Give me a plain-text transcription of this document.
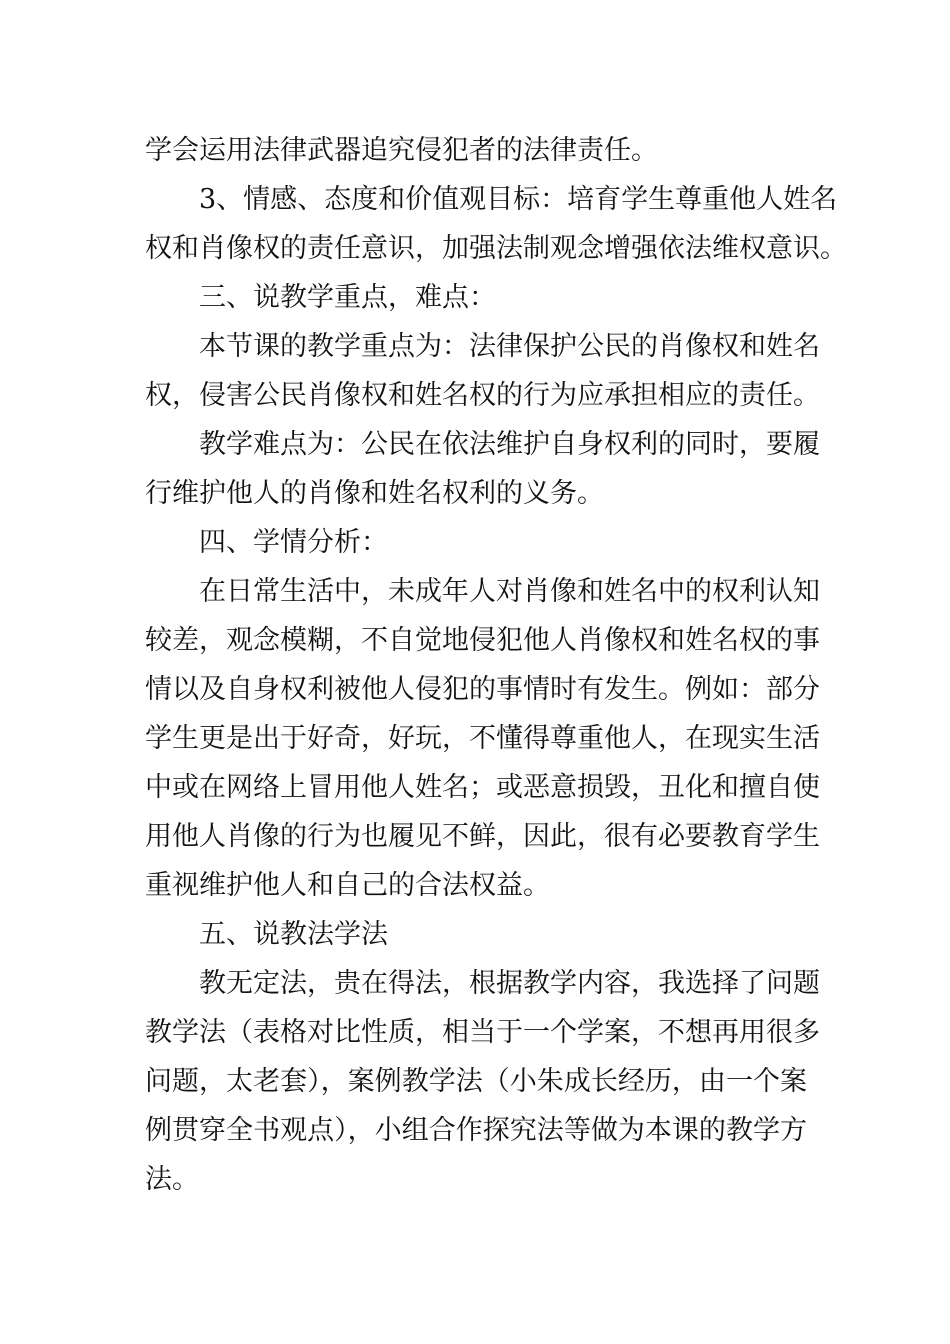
学会运用法律武器追究侵犯者的法律责任。
3、情感、态度和价值观目标：培育学生尊重他人姓名
权和肖像权的责任意识，加强法制观念增强依法维权意识。
三、说教学重点，难点：
本节课的教学重点为：法律保护公民的肖像权和姓名
权，侵害公民肖像权和姓名权的行为应承担相应的责任。
教学难点为：公民在依法维护自身权利的同时，要履
行维护他人的肖像和姓名权利的义务。
四、学情分析：
在日常生活中，未成年人对肖像和姓名中的权利认知
较差，观念模糊，不自觉地侵犯他人肖像权和姓名权的事
情以及自身权利被他人侵犯的事情时有发生。例如：部分
学生更是出于好奇，好玩，不懂得尊重他人，在现实生活
中或在网络上冒用他人姓名；或恶意损毁，丑化和擅自使
用他人肖像的行为也履见不鲜，因此，很有必要教育学生
重视维护他人和自己的合法权益。
五、说教法学法
教无定法，贵在得法，根据教学内容，我选择了问题
教学法（表格对比性质，相当于一个学案，不想再用很多
问题，太老套），案例教学法（小朱成长经历，由一个案
例贯穿全书观点），小组合作探究法等做为本课的教学方
法。
